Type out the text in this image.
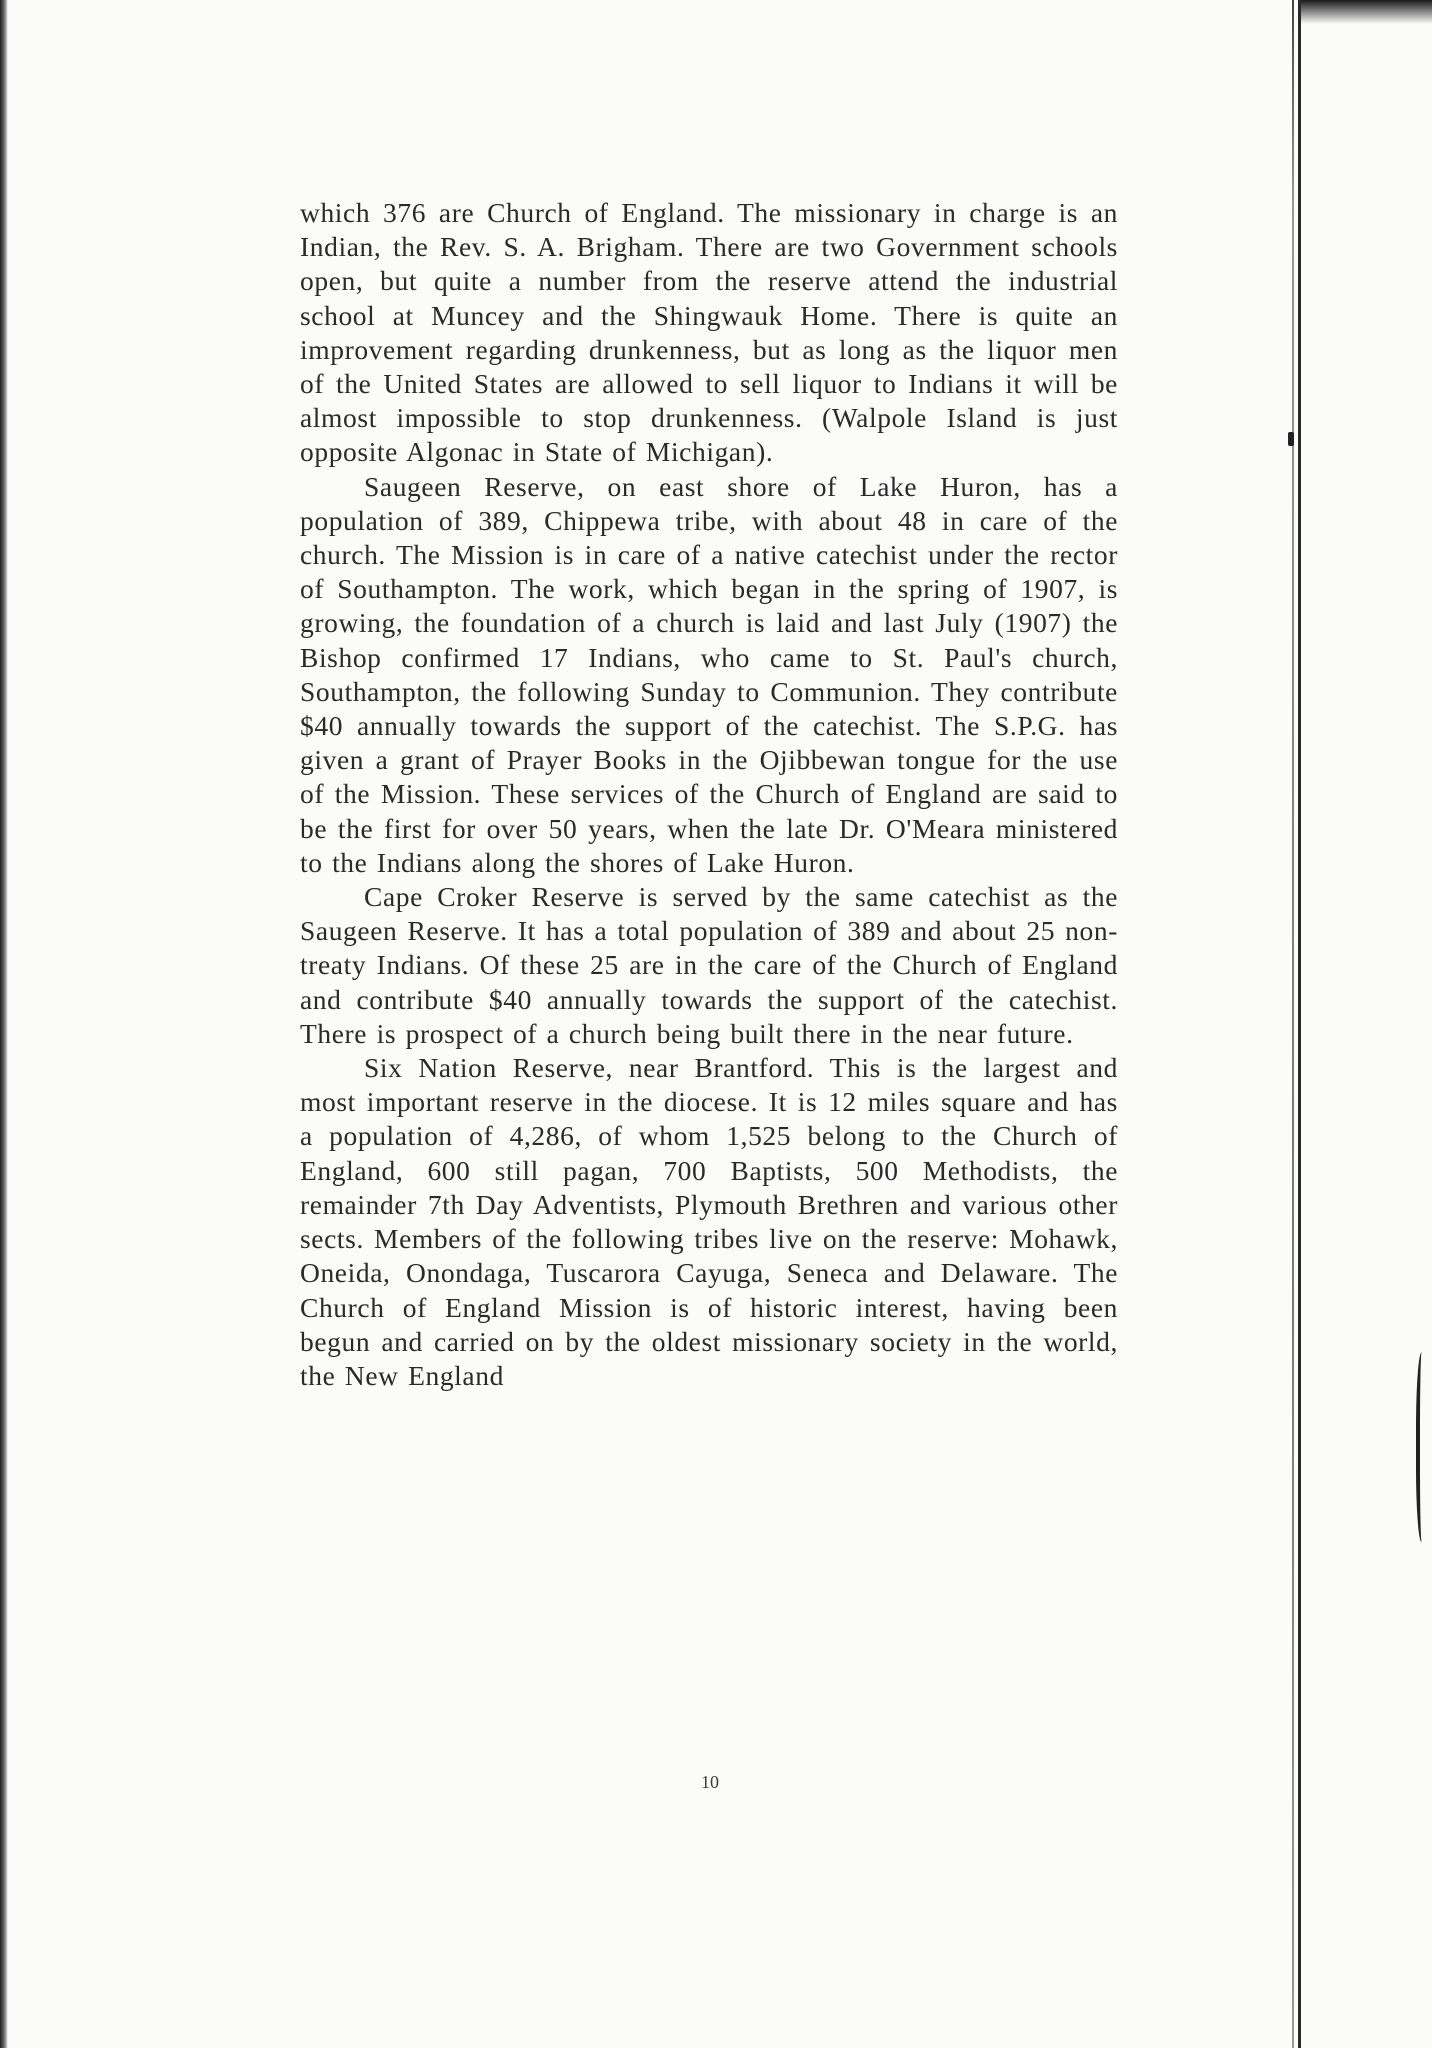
which 376 are Church of England. The missionary in charge is an Indian, the Rev. S. A. Brigham. There are two Government schools open, but quite a number from the reserve attend the industrial school at Muncey and the Shingwauk Home. There is quite an improvement regarding drunkenness, but as long as the liquor men of the United States are allowed to sell liquor to Indians it will be almost impossible to stop drunkenness. (Walpole Island is just opposite Algonac in State of Michigan).

Saugeen Reserve, on east shore of Lake Huron, has a population of 389, Chippewa tribe, with about 48 in care of the church. The Mission is in care of a native catechist under the rector of Southampton. The work, which began in the spring of 1907, is growing, the foundation of a church is laid and last July (1907) the Bishop confirmed 17 Indians, who came to St. Paul's church, Southampton, the following Sunday to Communion. They contribute $40 annually towards the support of the catechist. The S.P.G. has given a grant of Prayer Books in the Ojibbewan tongue for the use of the Mission. These services of the Church of England are said to be the first for over 50 years, when the late Dr. O'Meara ministered to the Indians along the shores of Lake Huron.

Cape Croker Reserve is served by the same catechist as the Saugeen Reserve. It has a total population of 389 and about 25 non-treaty Indians. Of these 25 are in the care of the Church of England and contribute $40 annually towards the support of the catechist. There is prospect of a church being built there in the near future.

Six Nation Reserve, near Brantford. This is the largest and most important reserve in the diocese. It is 12 miles square and has a population of 4,286, of whom 1,525 belong to the Church of England, 600 still pagan, 700 Baptists, 500 Methodists, the remainder 7th Day Adventists, Plymouth Brethren and various other sects. Members of the following tribes live on the reserve: Mohawk, Oneida, Onondaga, Tuscarora Cayuga, Seneca and Delaware. The Church of England Mission is of historic interest, having been begun and carried on by the oldest missionary society in the world, the New England

10
